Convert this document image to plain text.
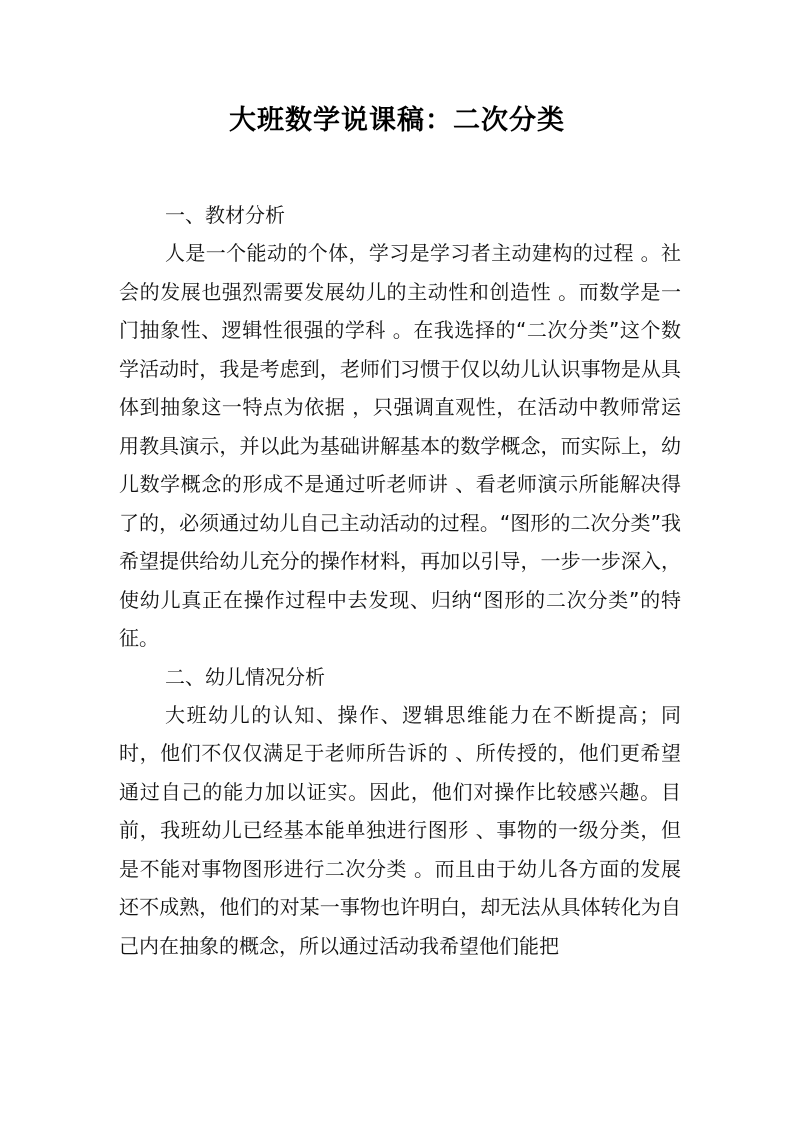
大班数学说课稿：二次分类
一、教材分析

人是一个能动的个体，学习是学习者主动建构的过程 。社会的发展也强烈需要发展幼儿的主动性和创造性 。而数学是一门抽象性、逻辑性很强的学科 。在我选择的“二次分类”这个数学活动时，我是考虑到，老师们习惯于仅以幼儿认识事物是从具体到抽象这一特点为依据 ，只强调直观性，在活动中教师常运用教具演示，并以此为基础讲解基本的数学概念，而实际上，幼儿数学概念的形成不是通过听老师讲 、看老师演示所能解决得了的，必须通过幼儿自己主动活动的过程。“图形的二次分类”我希望提供给幼儿充分的操作材料，再加以引导，一步一步深入，使幼儿真正在操作过程中去发现、归纳“图形的二次分类”的特征。

二、幼儿情况分析

大班幼儿的认知、操作、逻辑思维能力在不断提高；同时，他们不仅仅满足于老师所告诉的 、所传授的，他们更希望通过自己的能力加以证实。因此，他们对操作比较感兴趣。目前，我班幼儿已经基本能单独进行图形 、事物的一级分类，但是不能对事物图形进行二次分类 。而且由于幼儿各方面的发展还不成熟，他们的对某一事物也许明白，却无法从具体转化为自己内在抽象的概念，所以通过活动我希望他们能把
